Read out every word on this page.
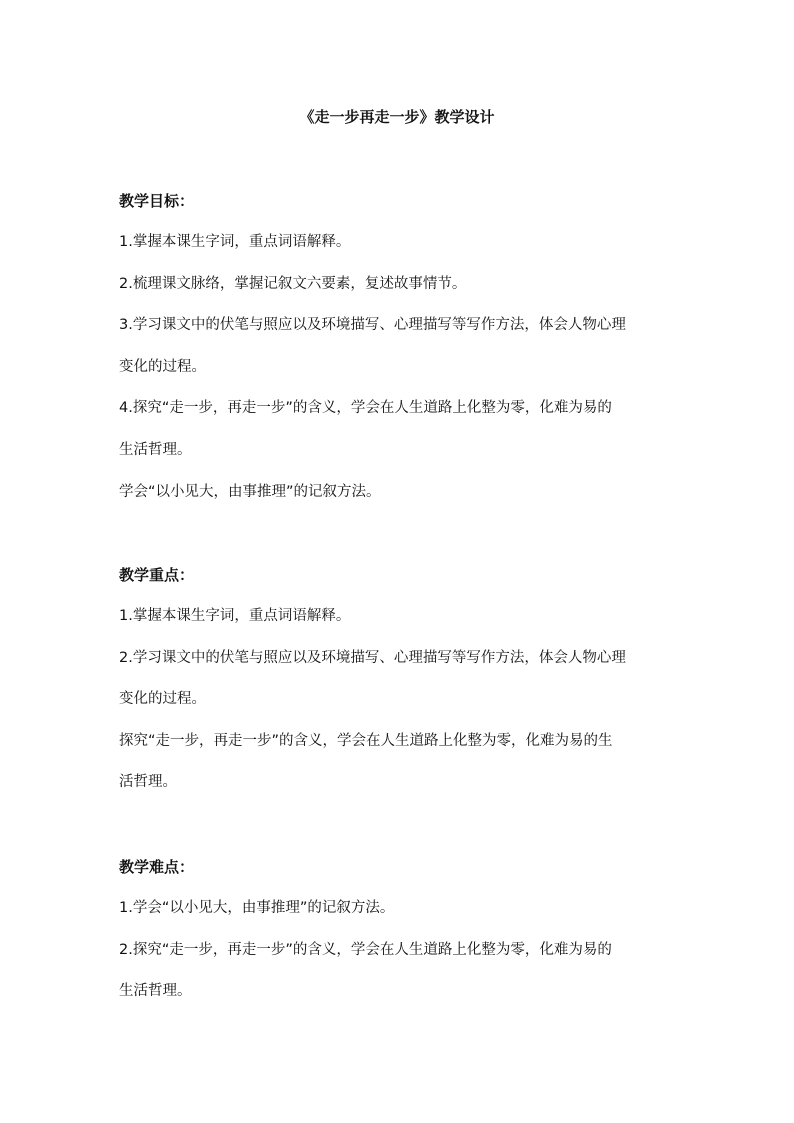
《走一步再走一步》教学设计
教学目标：
1.掌握本课生字词，重点词语解释。
2.梳理课文脉络，掌握记叙文六要素，复述故事情节。
3.学习课文中的伏笔与照应以及环境描写、心理描写等写作方法，体会人物心理
变化的过程。
4.探究“走一步，再走一步”的含义，学会在人生道路上化整为零，化难为易的
生活哲理。
学会“以小见大，由事推理”的记叙方法。
教学重点：
1.掌握本课生字词，重点词语解释。
2.学习课文中的伏笔与照应以及环境描写、心理描写等写作方法，体会人物心理
变化的过程。
探究“走一步，再走一步”的含义，学会在人生道路上化整为零，化难为易的生
活哲理。
教学难点：
1.学会“以小见大，由事推理”的记叙方法。
2.探究“走一步，再走一步”的含义，学会在人生道路上化整为零，化难为易的
生活哲理。
